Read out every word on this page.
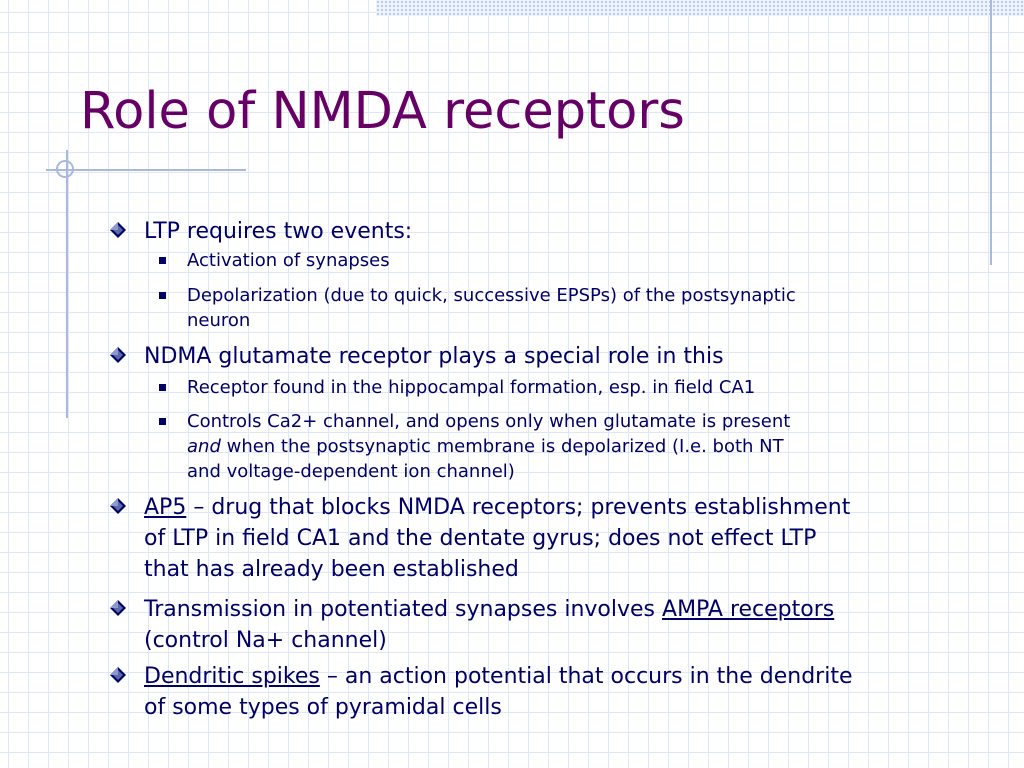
Role of NMDA receptors

LTP requires two events:

Activation of synapses

Depolarization (due to quick, successive EPSPs) of the postsynaptic
neuron

NDMA glutamate receptor plays a special role in this

Receptor found in the hippocampal formation, esp. in field CA1

Controls Ca2+ channel, and opens only when glutamate is present
and when the postsynaptic membrane is depolarized (I.e. both NT
and voltage-dependent ion channel)

AP5 – drug that blocks NMDA receptors; prevents establishment
of LTP in field CA1 and the dentate gyrus; does not effect LTP
that has already been established

Transmission in potentiated synapses involves AMPA receptors
(control Na+ channel)

Dendritic spikes – an action potential that occurs in the dendrite
of some types of pyramidal cells
